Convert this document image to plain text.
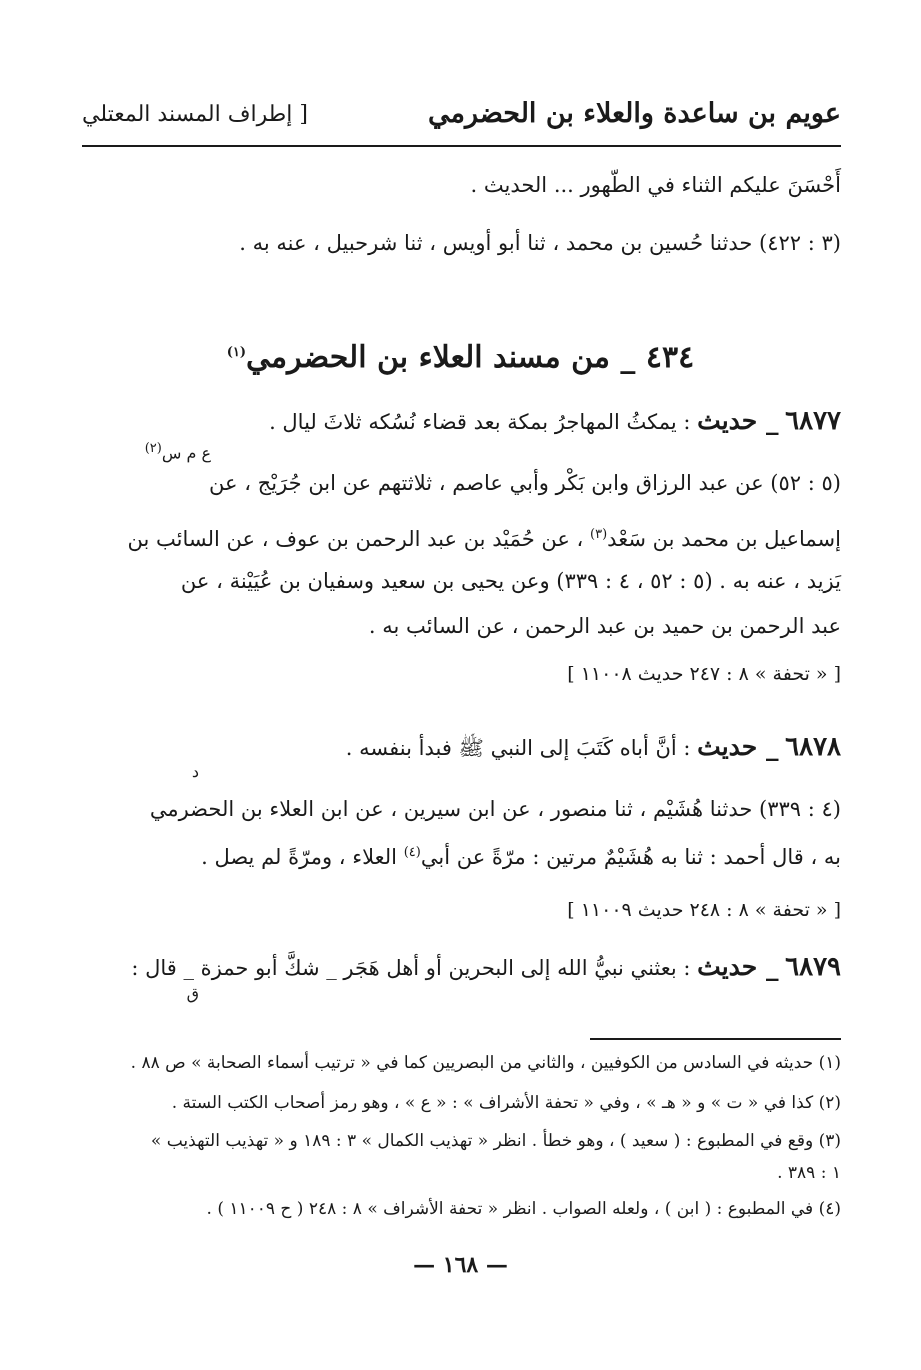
عويم بن ساعدة والعلاء بن الحضرمي
[ إطراف المسند المعتلي
أَحْسَنَ عليكم الثناء في الطّهور ... الحديث .
(٣ : ٤٢٢) حدثنا حُسين بن محمد ، ثنا أبو أويس ، ثنا شرحبيل ، عنه به .
٤٣٤ _ من مسند العلاء بن الحضرمي$^{(١)}$
٦٨٧٧ _ حديث : يمكثُ المهاجرُ بمكة بعد قضاء نُسُكه ثلاثَ ليال .
ع م س$^{(٢)}$
(٥ : ٥٢) عن عبد الرزاق وابن بَكْر وأبي عاصم ، ثلاثتهم عن ابن جُرَيْج ، عن
إسماعيل بن محمد بن سَعْد$^{(٣)}$ ، عن حُمَيْد بن عبد الرحمن بن عوف ، عن السائب بن
يَزيد ، عنه به . (٥ : ٥٢ ، ٤ : ٣٣٩) وعن يحيى بن سعيد وسفيان بن عُيَيْنة ، عن
عبد الرحمن بن حميد بن عبد الرحمن ، عن السائب به .
[ « تحفة » ٨ : ٢٤٧ حديث ١١٠٠٨ ]
٦٨٧٨ _ حديث : أنَّ أباه كَتَبَ إلى النبي ﷺ فبدأ بنفسه .
د
(٤ : ٣٣٩) حدثنا هُشَيْم ، ثنا منصور ، عن ابن سيرين ، عن ابن العلاء بن الحضرمي
به ، قال أحمد : ثنا به هُشَيْمٌ مرتين : مرّةً عن أبي$^{(٤)}$ العلاء ، ومرّةً لم يصل .
[ « تحفة » ٨ : ٢٤٨ حديث ١١٠٠٩ ]
٦٨٧٩ _ حديث : بعثني نبيُّ الله إلى البحرين أو أهل هَجَر _ شكَّ أبو حمزة _ قال :
ق
(١) حديثه في السادس من الكوفيين ، والثاني من البصريين كما في « ترتيب أسماء الصحابة » ص ٨٨ .
(٢) كذا في « ت » و « هـ » ، وفي « تحفة الأشراف » : « ع » ، وهو رمز أصحاب الكتب الستة .
(٣) وقع في المطبوع : ( سعيد ) ، وهو خطأ . انظر « تهذيب الكمال » ٣ : ١٨٩ و « تهذيب التهذيب »
١ : ٣٨٩ .
(٤) في المطبوع : ( ابن ) ، ولعله الصواب . انظر « تحفة الأشراف » ٨ : ٢٤٨ ( ح ١١٠٠٩ ) .
— ١٦٨ —
